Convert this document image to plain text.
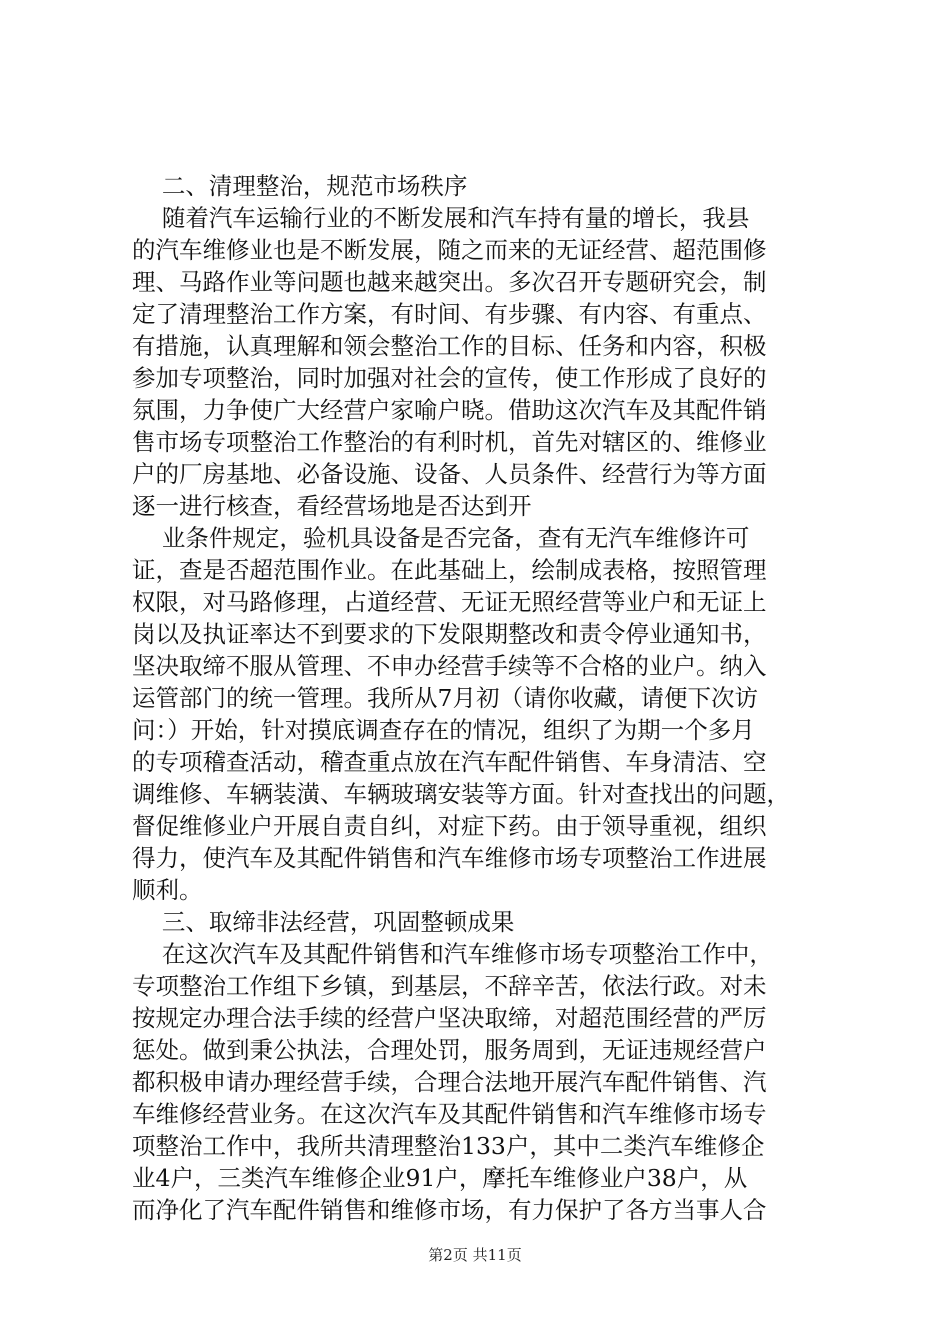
二、清理整治，规范市场秩序
随着汽车运输行业的不断发展和汽车持有量的增长，我县
的汽车维修业也是不断发展，随之而来的无证经营、超范围修
理、马路作业等问题也越来越突出。多次召开专题研究会，制
定了清理整治工作方案，有时间、有步骤、有内容、有重点、
有措施，认真理解和领会整治工作的目标、任务和内容，积极
参加专项整治，同时加强对社会的宣传，使工作形成了良好的
氛围，力争使广大经营户家喻户晓。借助这次汽车及其配件销
售市场专项整治工作整治的有利时机，首先对辖区的、维修业
户的厂房基地、必备设施、设备、人员条件、经营行为等方面
逐一进行核查，看经营场地是否达到开
业条件规定，验机具设备是否完备，查有无汽车维修许可
证，查是否超范围作业。在此基础上，绘制成表格，按照管理
权限，对马路修理，占道经营、无证无照经营等业户和无证上
岗以及执证率达不到要求的下发限期整改和责令停业通知书，
坚决取缔不服从管理、不申办经营手续等不合格的业户。纳入
运管部门的统一管理。我所从7月初（请你收藏，请便下次访
问：）开始，针对摸底调查存在的情况，组织了为期一个多月
的专项稽查活动，稽查重点放在汽车配件销售、车身清洁、空
调维修、车辆装潢、车辆玻璃安装等方面。针对查找出的问题，
督促维修业户开展自责自纠，对症下药。由于领导重视，组织
得力，使汽车及其配件销售和汽车维修市场专项整治工作进展
顺利。
三、取缔非法经营，巩固整顿成果
在这次汽车及其配件销售和汽车维修市场专项整治工作中，
专项整治工作组下乡镇，到基层，不辞辛苦，依法行政。对未
按规定办理合法手续的经营户坚决取缔，对超范围经营的严厉
惩处。做到秉公执法，合理处罚，服务周到，无证违规经营户
都积极申请办理经营手续，合理合法地开展汽车配件销售、汽
车维修经营业务。在这次汽车及其配件销售和汽车维修市场专
项整治工作中，我所共清理整治133户，其中二类汽车维修企
业4户，三类汽车维修企业91户，摩托车维修业户38户，从
而净化了汽车配件销售和维修市场，有力保护了各方当事人合
第2页 共11页
